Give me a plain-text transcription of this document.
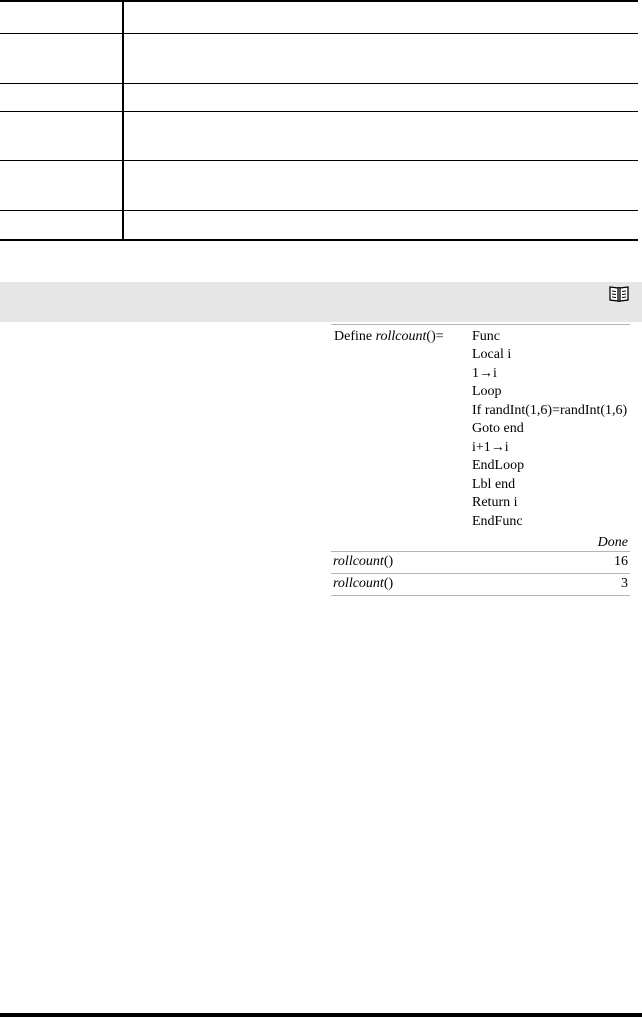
Define rollcount()= Func
Local i
1→i
Loop
If randInt(1,6)=randInt(1,6)
Goto end
i+1→i
EndLoop
Lbl end
Return i
EndFunc
Done
rollcount()	16
rollcount()	3
